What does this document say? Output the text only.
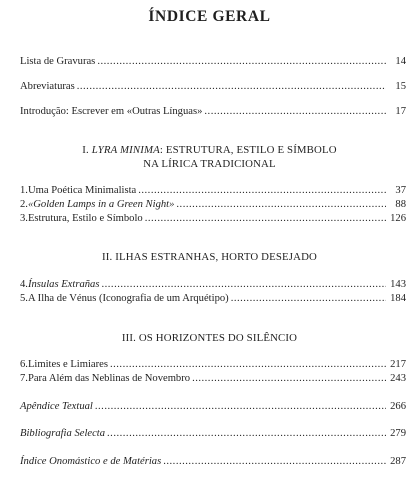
ÍNDICE GERAL
Lista de Gravuras .....	14
Abreviaturas .....	15
Introdução: Escrever em «Outras Línguas» .....	17
I. LYRA MINIMA: ESTRUTURA, ESTILO E SÍMBOLO
NA LÍRICA TRADICIONAL
1. Uma Poética Minimalista .....	37
2. «Golden Lamps in a Green Night» .....	88
3. Estrutura, Estilo e Símbolo .....	126
II. ILHAS ESTRANHAS, HORTO DESEJADO
4. Ínsulas Extrañas .....	143
5. A Ilha de Vénus (Iconografia de um Arquétipo) .....	184
III. OS HORIZONTES DO SILÊNCIO
6. Limites e Limiares .....	217
7. Para Além das Neblinas de Novembro .....	243
Apêndice Textual .....	266
Bibliografia Selecta .....	279
Índice Onomástico e de Matérias .....	287
